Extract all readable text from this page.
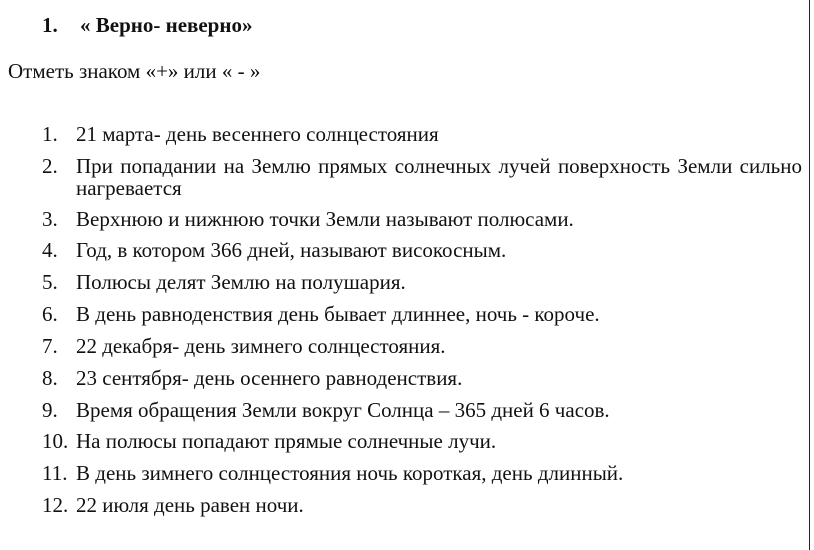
1. « Верно- неверно»
Отметь знаком «+» или « - »
1. 21 марта- день весеннего солнцестояния
2. При попадании на Землю прямых солнечных лучей поверхность Земли сильно нагревается
3. Верхнюю и нижнюю точки Земли называют полюсами.
4. Год, в котором 366 дней, называют високосным.
5. Полюсы делят Землю на полушария.
6. В день равноденствия день бывает длиннее, ночь - короче.
7. 22 декабря- день зимнего солнцестояния.
8. 23 сентября- день осеннего равноденствия.
9. Время обращения Земли вокруг Солнца – 365 дней 6 часов.
10. На полюсы попадают прямые солнечные лучи.
11. В день зимнего солнцестояния ночь короткая, день длинный.
12. 22 июля день равен ночи.
